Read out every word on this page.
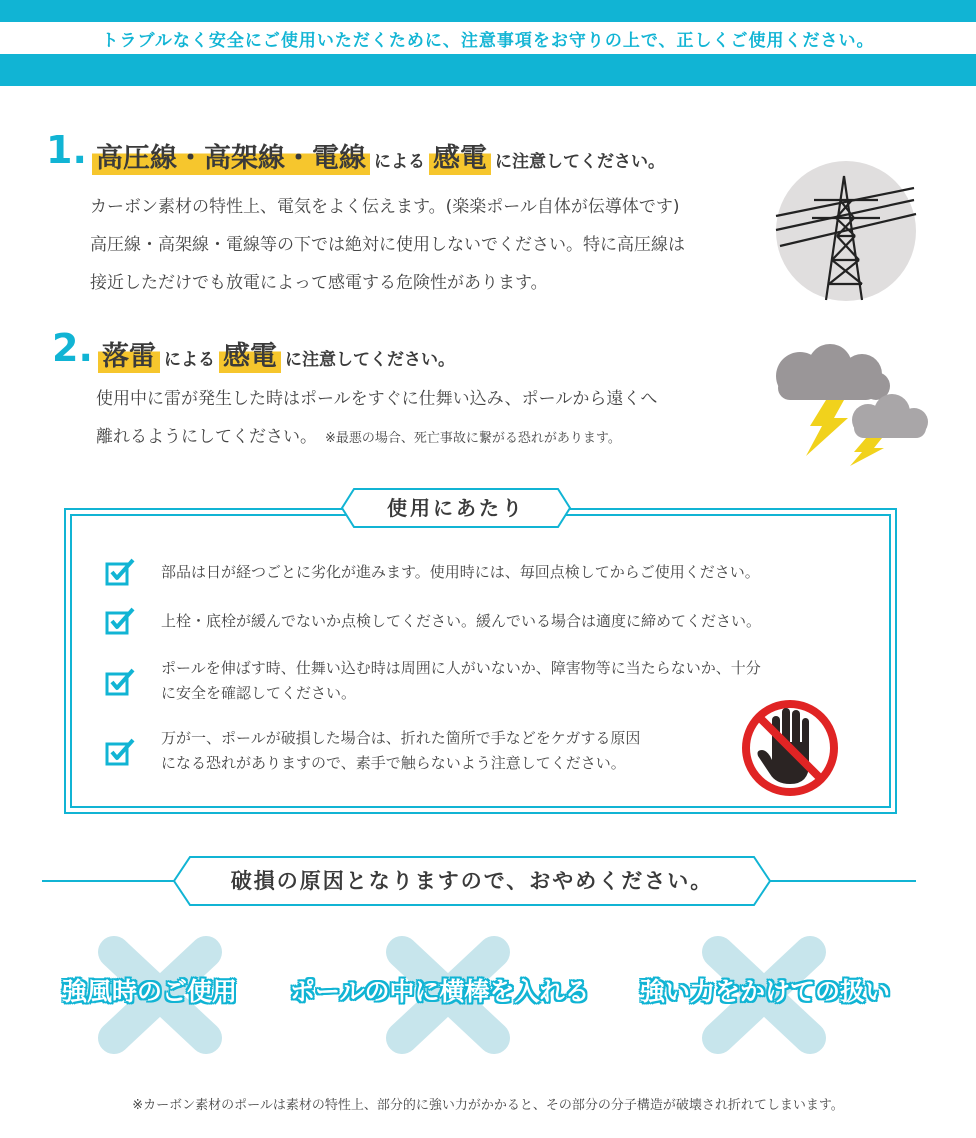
トラブルなく安全にご使用いただくために、注意事項をお守りの上で、正しくご使用ください。
1. 高圧線・高架線・電線 による 感電 に注意してください。
カーボン素材の特性上、電気をよく伝えます。(楽楽ポール自体が伝導体です)
高圧線・高架線・電線等の下では絶対に使用しないでください。特に高圧線は
接近しただけでも放電によって感電する危険性があります。
2. 落雷 による 感電 に注意してください。
使用中に雷が発生した時はポールをすぐに仕舞い込み、ポールから遠くへ
離れるようにしてください。 ※最悪の場合、死亡事故に繋がる恐れがあります。
使用にあたり
部品は日が経つごとに劣化が進みます。使用時には、毎回点検してからご使用ください。
上栓・底栓が緩んでないか点検してください。緩んでいる場合は適度に締めてください。
ポールを伸ばす時、仕舞い込む時は周囲に人がいないか、障害物等に当たらないか、十分
に安全を確認してください。
万が一、ポールが破損した場合は、折れた箇所で手などをケガする原因
になる恐れがありますので、素手で触らないよう注意してください。
破損の原因となりますので、おやめください。
強風時のご使用 ポールの中に横棒を入れる 強い力をかけての扱い
※カーボン素材のポールは素材の特性上、部分的に強い力がかかると、その部分の分子構造が破壊され折れてしまいます。
